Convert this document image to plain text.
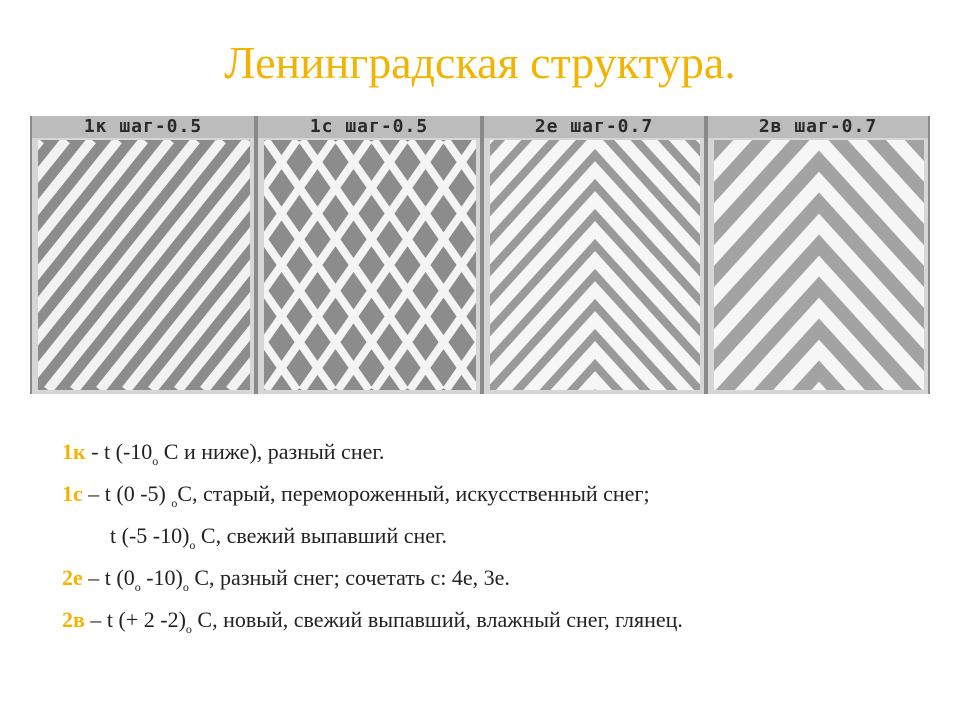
Ленинградская структура.
1к шаг-0.5	1с шаг-0.5	2е шаг-0.7	2в шаг-0.7
1к - t ($-10^о$ С и ниже), разный снег.
1с – t (0 -5) $^о$С, старый, перемороженный, искусственный снег;
t (-5 -10)$^о$ С, свежий выпавший снег.
2е – t ($0^о$ -10)$^о$ С, разный снег; сочетать с: 4е, 3е.
2в – t (+ 2 -2)$^о$ С, новый, свежий выпавший, влажный снег, глянец.
